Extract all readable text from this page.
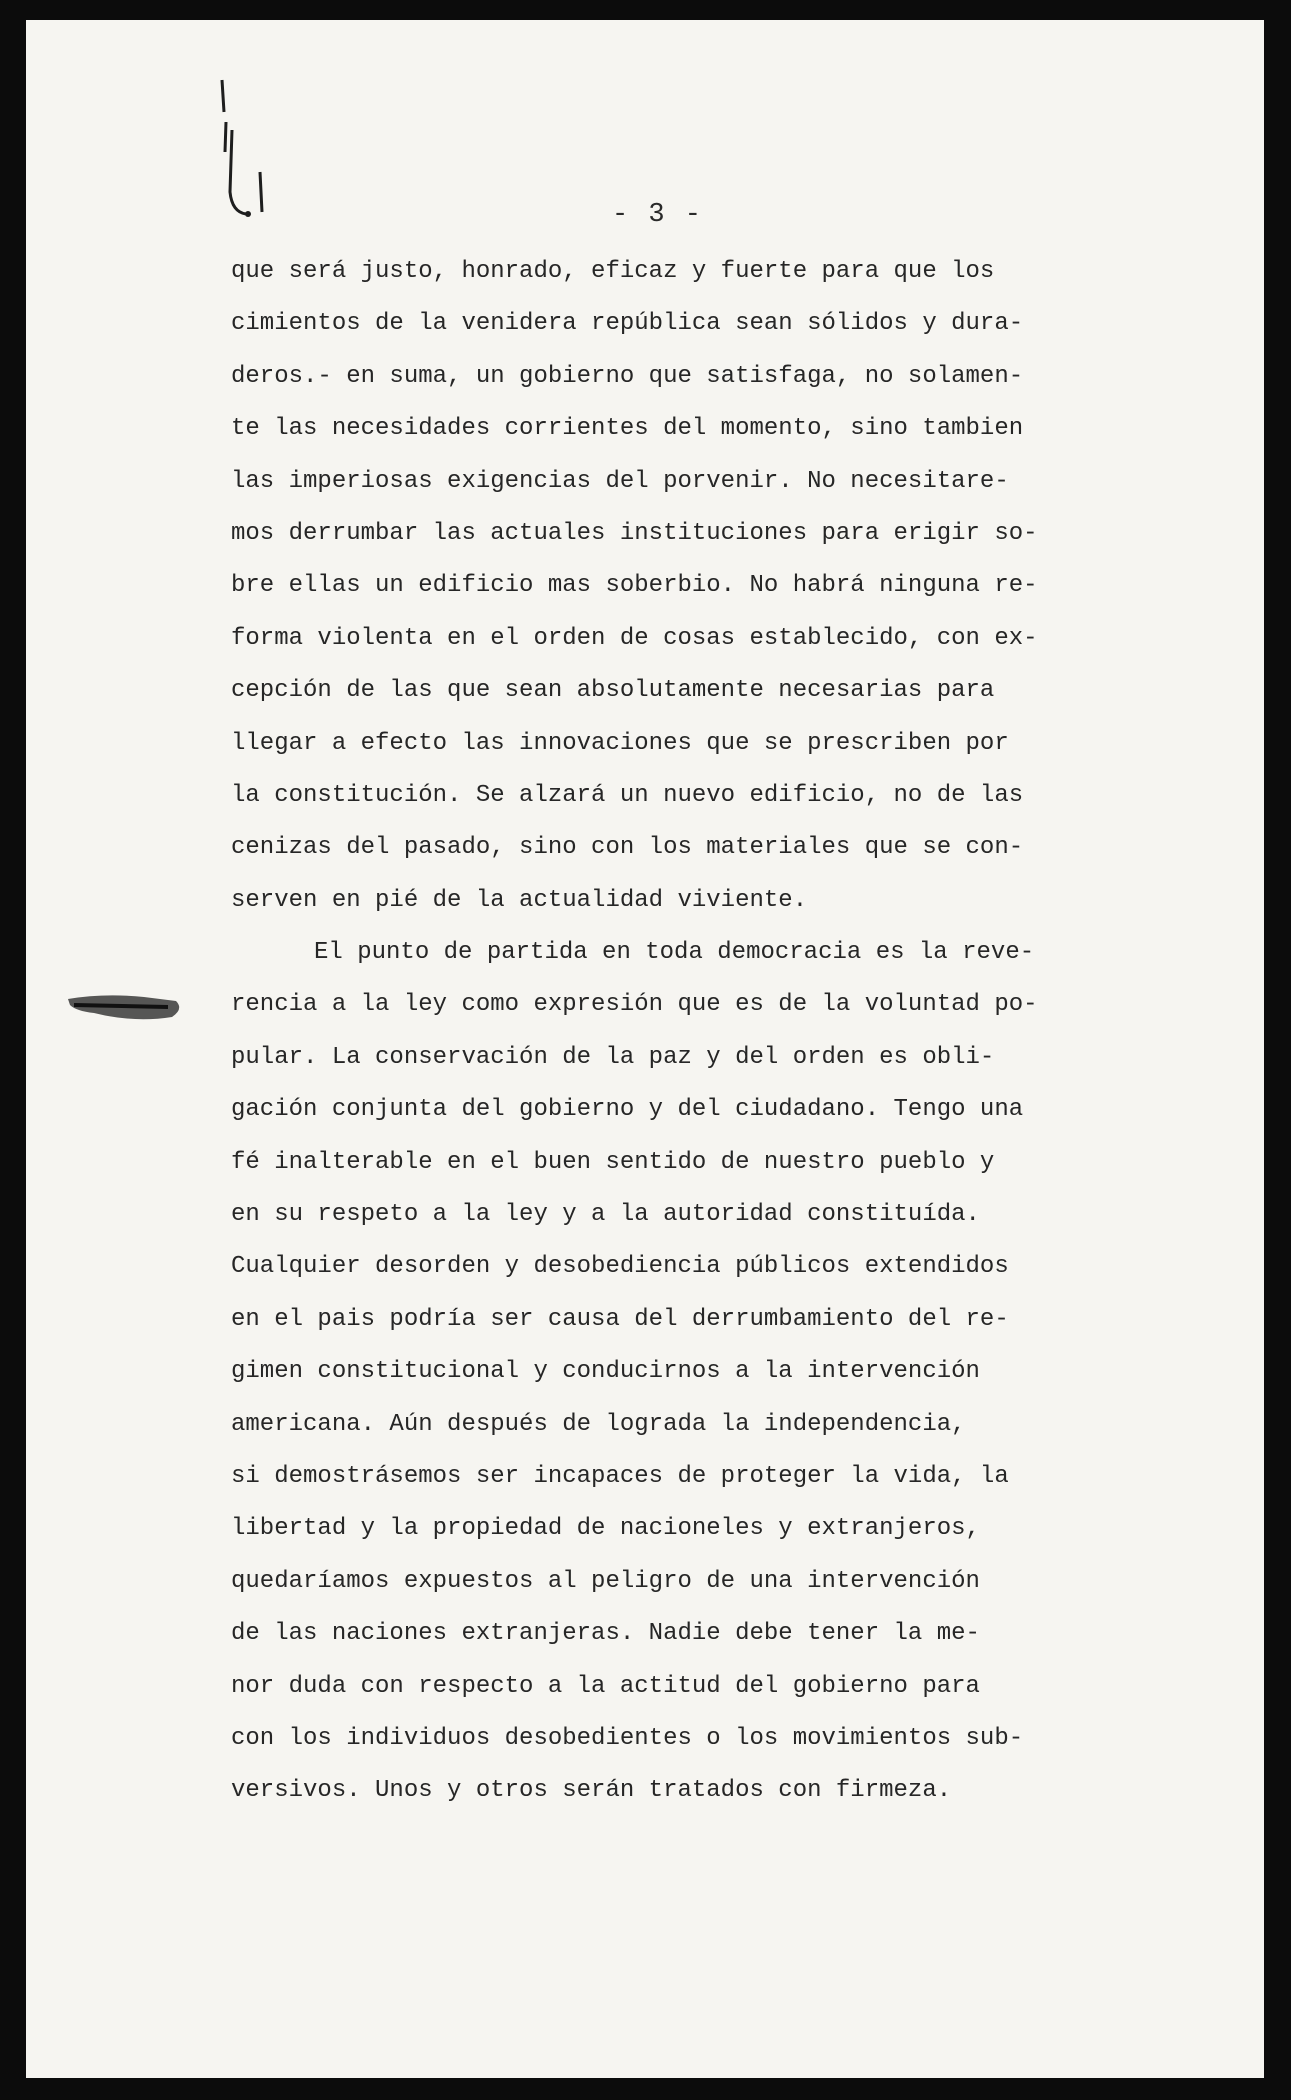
- 3 -
que será justo, honrado, eficaz y fuerte para que los
cimientos de la venidera república sean sólidos y dura-
deros.- en suma, un gobierno que satisfaga, no solamen-
te las necesidades corrientes del momento, sino tambien
las imperiosas exigencias del porvenir. No necesitare-
mos derrumbar las actuales instituciones para erigir so-
bre ellas un edificio mas soberbio. No habrá ninguna re-
forma violenta en el orden de cosas establecido, con ex-
cepción de las que sean absolutamente necesarias para
llegar a efecto las innovaciones que se prescriben por
la constitución. Se alzará un nuevo edificio, no de las
cenizas del pasado, sino con los materiales que se con-
serven en pié de la actualidad viviente.
El punto de partida en toda democracia es la reve-
rencia a la ley como expresión que es de la voluntad po-
pular. La conservación de la paz y del orden es obli-
gación conjunta del gobierno y del ciudadano. Tengo una
fé inalterable en el buen sentido de nuestro pueblo y
en su respeto a la ley y a la autoridad constituída.
Cualquier desorden y desobediencia públicos extendidos
en el pais podría ser causa del derrumbamiento del re-
gimen constitucional y conducirnos a la intervención
americana. Aún después de lograda la independencia,
si demostrásemos ser incapaces de proteger la vida, la
libertad y la propiedad de nacioneles y extranjeros,
quedaríamos expuestos al peligro de una intervención
de las naciones extranjeras. Nadie debe tener la me-
nor duda con respecto a la actitud del gobierno para
con los individuos desobedientes o los movimientos sub-
versivos. Unos y otros serán tratados con firmeza.
